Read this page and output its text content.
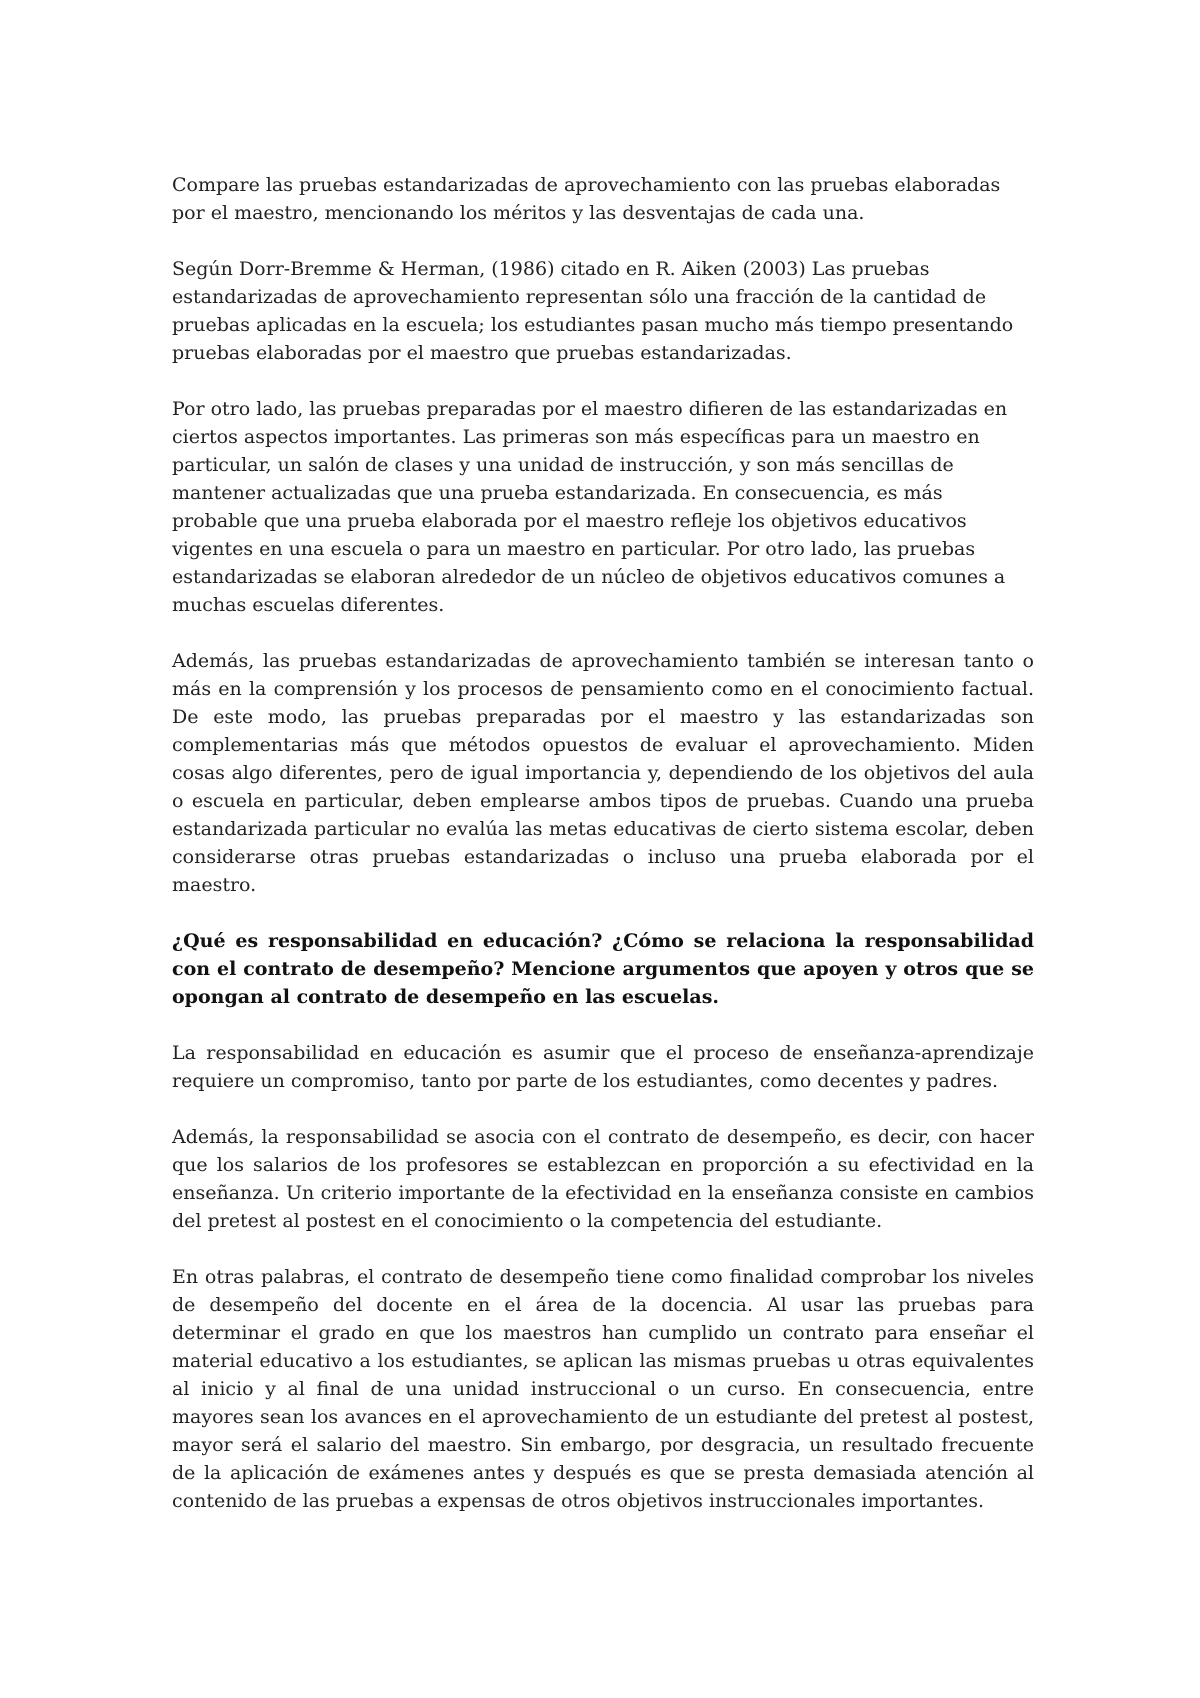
Compare las pruebas estandarizadas de aprovechamiento con las pruebas elaboradas por el maestro, mencionando los méritos y las desventajas de cada una.

Según Dorr-Bremme & Herman, (1986) citado en R. Aiken (2003) Las pruebas estandarizadas de aprovechamiento representan sólo una fracción de la cantidad de pruebas aplicadas en la escuela; los estudiantes pasan mucho más tiempo presentando pruebas elaboradas por el maestro que pruebas estandarizadas.

Por otro lado, las pruebas preparadas por el maestro difieren de las estandarizadas en ciertos aspectos importantes. Las primeras son más específicas para un maestro en particular, un salón de clases y una unidad de instrucción, y son más sencillas de mantener actualizadas que una prueba estandarizada. En consecuencia, es más probable que una prueba elaborada por el maestro refleje los objetivos educativos vigentes en una escuela o para un maestro en particular. Por otro lado, las pruebas estandarizadas se elaboran alrededor de un núcleo de objetivos educativos comunes a muchas escuelas diferentes.

Además, las pruebas estandarizadas de aprovechamiento también se interesan tanto o más en la comprensión y los procesos de pensamiento como en el conocimiento factual. De este modo, las pruebas preparadas por el maestro y las estandarizadas son complementarias más que métodos opuestos de evaluar el aprovechamiento. Miden cosas algo diferentes, pero de igual importancia y, dependiendo de los objetivos del aula o escuela en particular, deben emplearse ambos tipos de pruebas. Cuando una prueba estandarizada particular no evalúa las metas educativas de cierto sistema escolar, deben considerarse otras pruebas estandarizadas o incluso una prueba elaborada por el maestro.

¿Qué es responsabilidad en educación? ¿Cómo se relaciona la responsabilidad con el contrato de desempeño? Mencione argumentos que apoyen y otros que se opongan al contrato de desempeño en las escuelas.

La responsabilidad en educación es asumir que el proceso de enseñanza-aprendizaje requiere un compromiso, tanto por parte de los estudiantes, como decentes y padres.

Además, la responsabilidad se asocia con el contrato de desempeño, es decir, con hacer que los salarios de los profesores se establezcan en proporción a su efectividad en la enseñanza. Un criterio importante de la efectividad en la enseñanza consiste en cambios del pretest al postest en el conocimiento o la competencia del estudiante.

En otras palabras, el contrato de desempeño tiene como finalidad comprobar los niveles de desempeño del docente en el área de la docencia. Al usar las pruebas para determinar el grado en que los maestros han cumplido un contrato para enseñar el material educativo a los estudiantes, se aplican las mismas pruebas u otras equivalentes al inicio y al final de una unidad instruccional o un curso. En consecuencia, entre mayores sean los avances en el aprovechamiento de un estudiante del pretest al postest, mayor será el salario del maestro. Sin embargo, por desgracia, un resultado frecuente de la aplicación de exámenes antes y después es que se presta demasiada atención al contenido de las pruebas a expensas de otros objetivos instruccionales importantes.
